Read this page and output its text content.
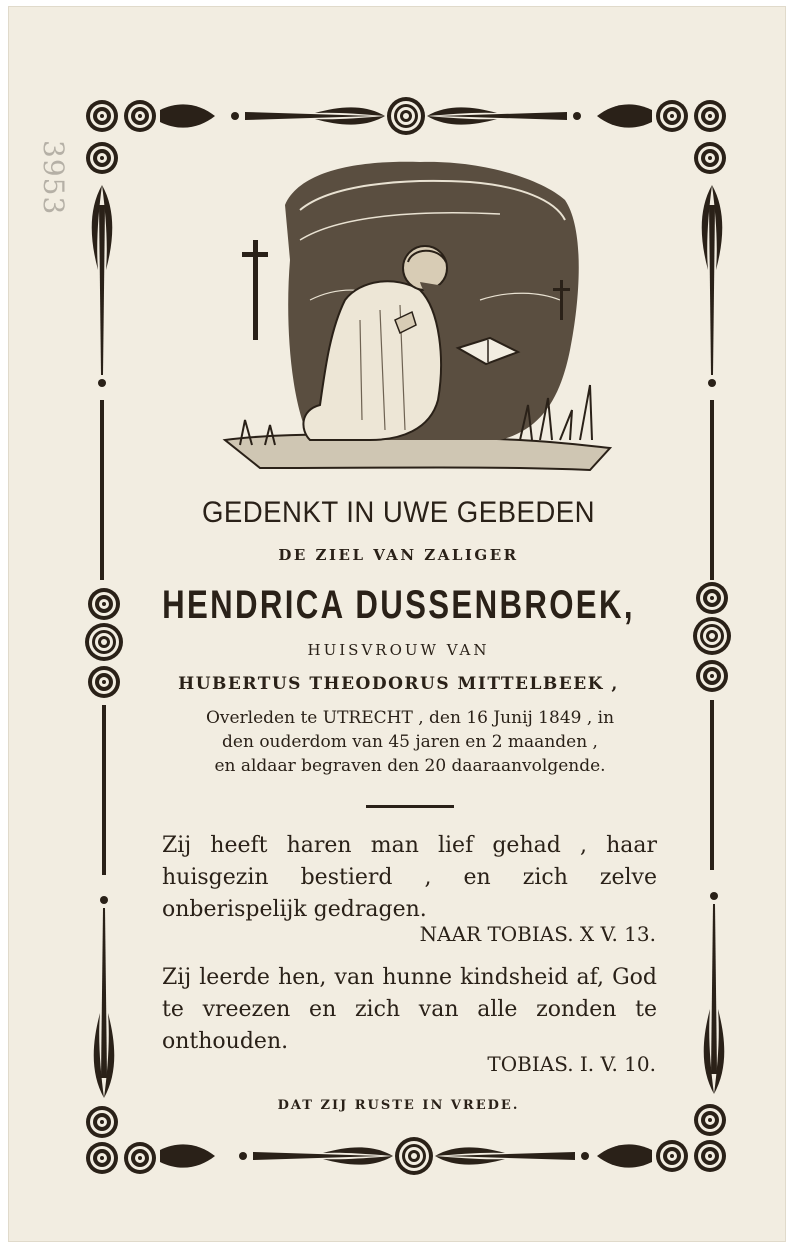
3953
GEDENKT IN UWE GEBEDEN
DE ZIEL VAN ZALIGER
HENDRICA DUSSENBROEK,
HUISVROUW VAN
HUBERTUS THEODORUS MITTELBEEK ,
Overleden te UTRECHT , den 16 Junij 1849 , in
den ouderdom van 45 jaren en 2 maanden ,
en aldaar begraven den 20 daaraanvolgende.
Zij heeft haren man lief gehad , haar huisgezin bestierd , en zich zelve onberispelijk gedragen.
NAAR TOBIAS. X V. 13.
Zij leerde hen, van hunne kindsheid af, God te vreezen en zich van alle zonden te onthouden.
TOBIAS. I. V. 10.
DAT ZIJ RUSTE IN VREDE.
